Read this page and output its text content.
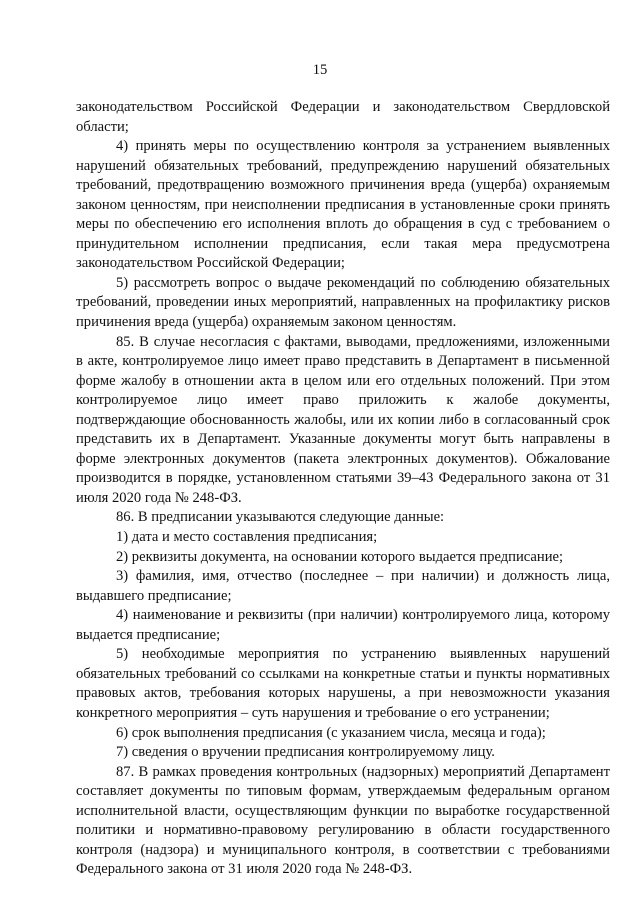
15

законодательством Российской Федерации и законодательством Свердловской области;

4) принять меры по осуществлению контроля за устранением выявленных нарушений обязательных требований, предупреждению нарушений обязательных требований, предотвращению возможного причинения вреда (ущерба) охраняемым законом ценностям, при неисполнении предписания в установленные сроки принять меры по обеспечению его исполнения вплоть до обращения в суд с требованием о принудительном исполнении предписания, если такая мера предусмотрена законодательством Российской Федерации;

5) рассмотреть вопрос о выдаче рекомендаций по соблюдению обязательных требований, проведении иных мероприятий, направленных на профилактику рисков причинения вреда (ущерба) охраняемым законом ценностям.

85. В случае несогласия с фактами, выводами, предложениями, изложенными в акте, контролируемое лицо имеет право представить в Департамент в письменной форме жалобу в отношении акта в целом или его отдельных положений. При этом контролируемое лицо имеет право приложить к жалобе документы, подтверждающие обоснованность жалобы, или их копии либо в согласованный срок представить их в Департамент. Указанные документы могут быть направлены в форме электронных документов (пакета электронных документов). Обжалование производится в порядке, установленном статьями 39–43 Федерального закона от 31 июля 2020 года № 248-ФЗ.

86. В предписании указываются следующие данные:

1) дата и место составления предписания;

2) реквизиты документа, на основании которого выдается предписание;

3) фамилия, имя, отчество (последнее – при наличии) и должность лица, выдавшего предписание;

4) наименование и реквизиты (при наличии) контролируемого лица, которому выдается предписание;

5) необходимые мероприятия по устранению выявленных нарушений обязательных требований со ссылками на конкретные статьи и пункты нормативных правовых актов, требования которых нарушены, а при невозможности указания конкретного мероприятия – суть нарушения и требование о его устранении;

6) срок выполнения предписания (с указанием числа, месяца и года);

7) сведения о вручении предписания контролируемому лицу.

87. В рамках проведения контрольных (надзорных) мероприятий Департамент составляет документы по типовым формам, утверждаемым федеральным органом исполнительной власти, осуществляющим функции по выработке государственной политики и нормативно-правовому регулированию в области государственного контроля (надзора) и муниципального контроля, в соответствии с требованиями Федерального закона от 31 июля 2020 года № 248-ФЗ.
